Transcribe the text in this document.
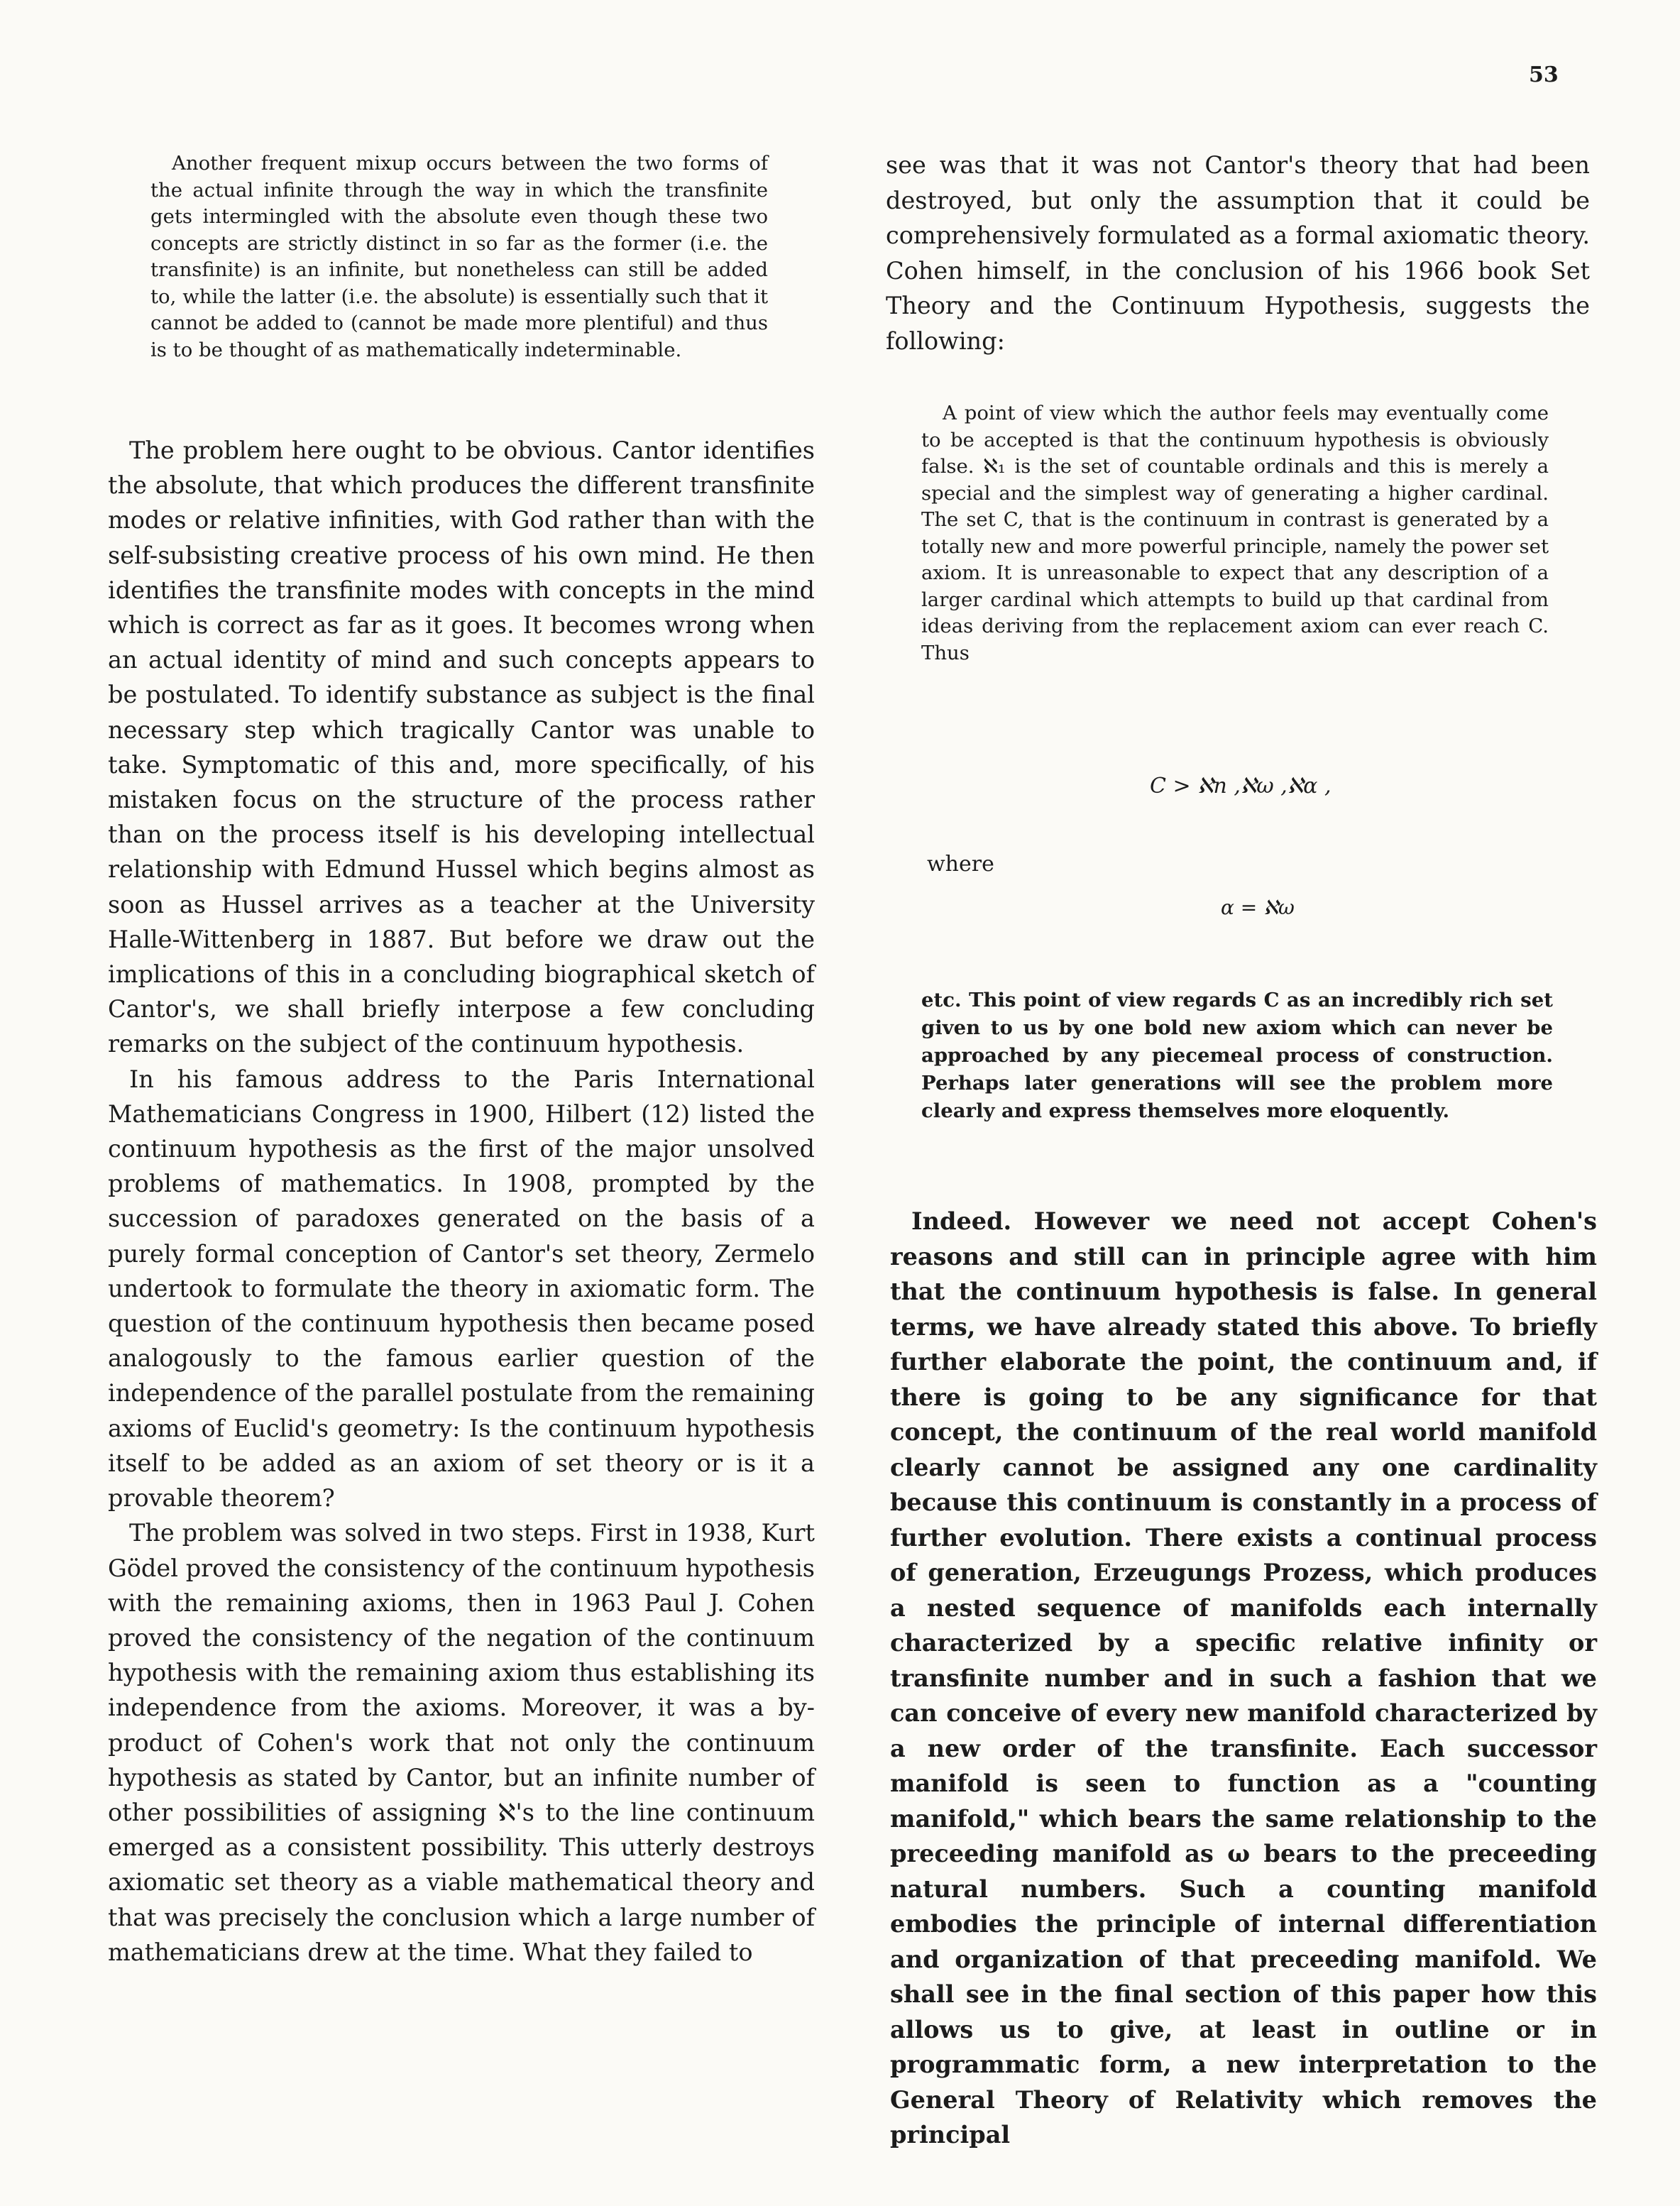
53

Another frequent mixup occurs between the two forms of the actual infinite through the way in which the transfinite gets intermingled with the absolute even though these two concepts are strictly distinct in so far as the former (i.e. the transfinite) is an infinite, but nonetheless can still be added to, while the latter (i.e. the absolute) is essentially such that it cannot be added to (cannot be made more plentiful) and thus is to be thought of as mathematically indeterminable.

The problem here ought to be obvious. Cantor identifies the absolute, that which produces the different transfinite modes or relative infinities, with God rather than with the self-subsisting creative process of his own mind. He then identifies the transfinite modes with concepts in the mind which is correct as far as it goes. It becomes wrong when an actual identity of mind and such concepts appears to be postulated. To identify substance as subject is the final necessary step which tragically Cantor was unable to take. Symptomatic of this and, more specifically, of his mistaken focus on the structure of the process rather than on the process itself is his developing intellectual relationship with Edmund Hussel which begins almost as soon as Hussel arrives as a teacher at the University Halle-Wittenberg in 1887. But before we draw out the implications of this in a concluding biographical sketch of Cantor's, we shall briefly interpose a few concluding remarks on the subject of the continuum hypothesis.

In his famous address to the Paris International Mathematicians Congress in 1900, Hilbert (12) listed the continuum hypothesis as the first of the major unsolved problems of mathematics. In 1908, prompted by the succession of paradoxes generated on the basis of a purely formal conception of Cantor's set theory, Zermelo undertook to formulate the theory in axiomatic form. The question of the continuum hypothesis then became posed analogously to the famous earlier question of the independence of the parallel postulate from the remaining axioms of Euclid's geometry: Is the continuum hypothesis itself to be added as an axiom of set theory or is it a provable theorem?

The problem was solved in two steps. First in 1938, Kurt Gödel proved the consistency of the continuum hypothesis with the remaining axioms, then in 1963 Paul J. Cohen proved the consistency of the negation of the continuum hypothesis with the remaining axiom thus establishing its independence from the axioms. Moreover, it was a by-product of Cohen's work that not only the continuum hypothesis as stated by Cantor, but an infinite number of other possibilities of assigning ℵ's to the line continuum emerged as a consistent possibility. This utterly destroys axiomatic set theory as a viable mathematical theory and that was precisely the conclusion which a large number of mathematicians drew at the time. What they failed to

see was that it was not Cantor's theory that had been destroyed, but only the assumption that it could be comprehensively formulated as a formal axiomatic theory. Cohen himself, in the conclusion of his 1966 book Set Theory and the Continuum Hypothesis, suggests the following:

A point of view which the author feels may eventually come to be accepted is that the continuum hypothesis is obviously false. ℵ₁ is the set of countable ordinals and this is merely a special and the simplest way of generating a higher cardinal. The set C, that is the continuum in contrast is generated by a totally new and more powerful principle, namely the power set axiom. It is unreasonable to expect that any description of a larger cardinal which attempts to build up that cardinal from ideas deriving from the replacement axiom can ever reach C. Thus

C > ℵn ,ℵω ,ℵα ,
where
α = ℵω

etc. This point of view regards C as an incredibly rich set given to us by one bold new axiom which can never be approached by any piecemeal process of construction. Perhaps later generations will see the problem more clearly and express themselves more eloquently.

Indeed. However we need not accept Cohen's reasons and still can in principle agree with him that the continuum hypothesis is false. In general terms, we have already stated this above. To briefly further elaborate the point, the continuum and, if there is going to be any significance for that concept, the continuum of the real world manifold clearly cannot be assigned any one cardinality because this continuum is constantly in a process of further evolution. There exists a continual process of generation, Erzeugungs Prozess, which produces a nested sequence of manifolds each internally characterized by a specific relative infinity or transfinite number and in such a fashion that we can conceive of every new manifold characterized by a new order of the transfinite. Each successor manifold is seen to function as a "counting manifold," which bears the same relationship to the preceeding manifold as ω bears to the preceeding natural numbers. Such a counting manifold embodies the principle of internal differentiation and organization of that preceeding manifold. We shall see in the final section of this paper how this allows us to give, at least in outline or in programmatic form, a new interpretation to the General Theory of Relativity which removes the principal
